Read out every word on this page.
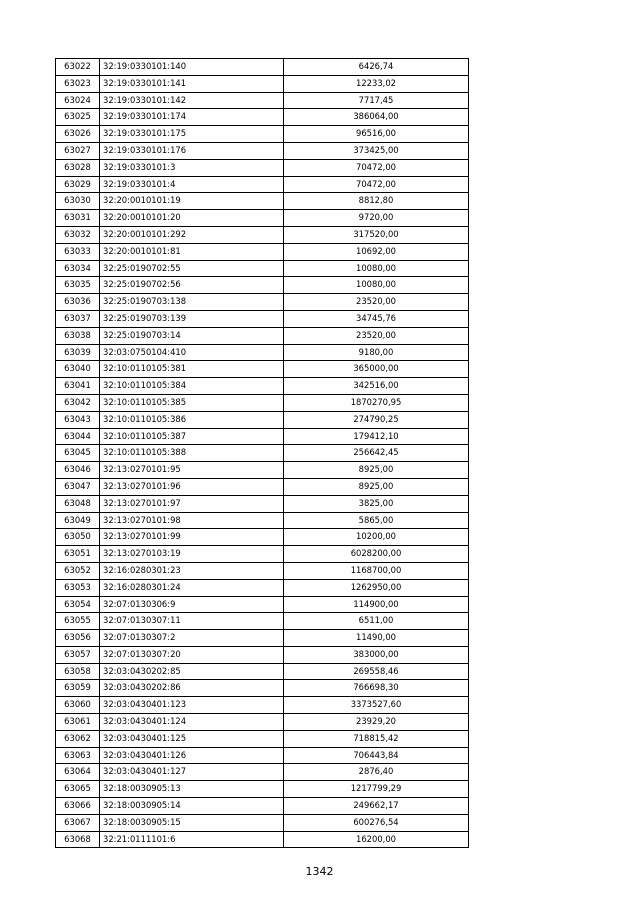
63022	32:19:0330101:140	6426,74
63023	32:19:0330101:141	12233,02
63024	32:19:0330101:142	7717,45
63025	32:19:0330101:174	386064,00
63026	32:19:0330101:175	96516,00
63027	32:19:0330101:176	373425,00
63028	32:19:0330101:3	70472,00
63029	32:19:0330101:4	70472,00
63030	32:20:0010101:19	8812,80
63031	32:20:0010101:20	9720,00
63032	32:20:0010101:292	317520,00
63033	32:20:0010101:81	10692,00
63034	32:25:0190702:55	10080,00
63035	32:25:0190702:56	10080,00
63036	32:25:0190703:138	23520,00
63037	32:25:0190703:139	34745,76
63038	32:25:0190703:14	23520,00
63039	32:03:0750104:410	9180,00
63040	32:10:0110105:381	365000,00
63041	32:10:0110105:384	342516,00
63042	32:10:0110105:385	1870270,95
63043	32:10:0110105:386	274790,25
63044	32:10:0110105:387	179412,10
63045	32:10:0110105:388	256642,45
63046	32:13:0270101:95	8925,00
63047	32:13:0270101:96	8925,00
63048	32:13:0270101:97	3825,00
63049	32:13:0270101:98	5865,00
63050	32:13:0270101:99	10200,00
63051	32:13:0270103:19	6028200,00
63052	32:16:0280301:23	1168700,00
63053	32:16:0280301:24	1262950,00
63054	32:07:0130306:9	114900,00
63055	32:07:0130307:11	6511,00
63056	32:07:0130307:2	11490,00
63057	32:07:0130307:20	383000,00
63058	32:03:0430202:85	269558,46
63059	32:03:0430202:86	766698,30
63060	32:03:0430401:123	3373527,60
63061	32:03:0430401:124	23929,20
63062	32:03:0430401:125	718815,42
63063	32:03:0430401:126	706443,84
63064	32:03:0430401:127	2876,40
63065	32:18:0030905:13	1217799,29
63066	32:18:0030905:14	249662,17
63067	32:18:0030905:15	600276,54
63068	32:21:0111101:6	16200,00
1342
